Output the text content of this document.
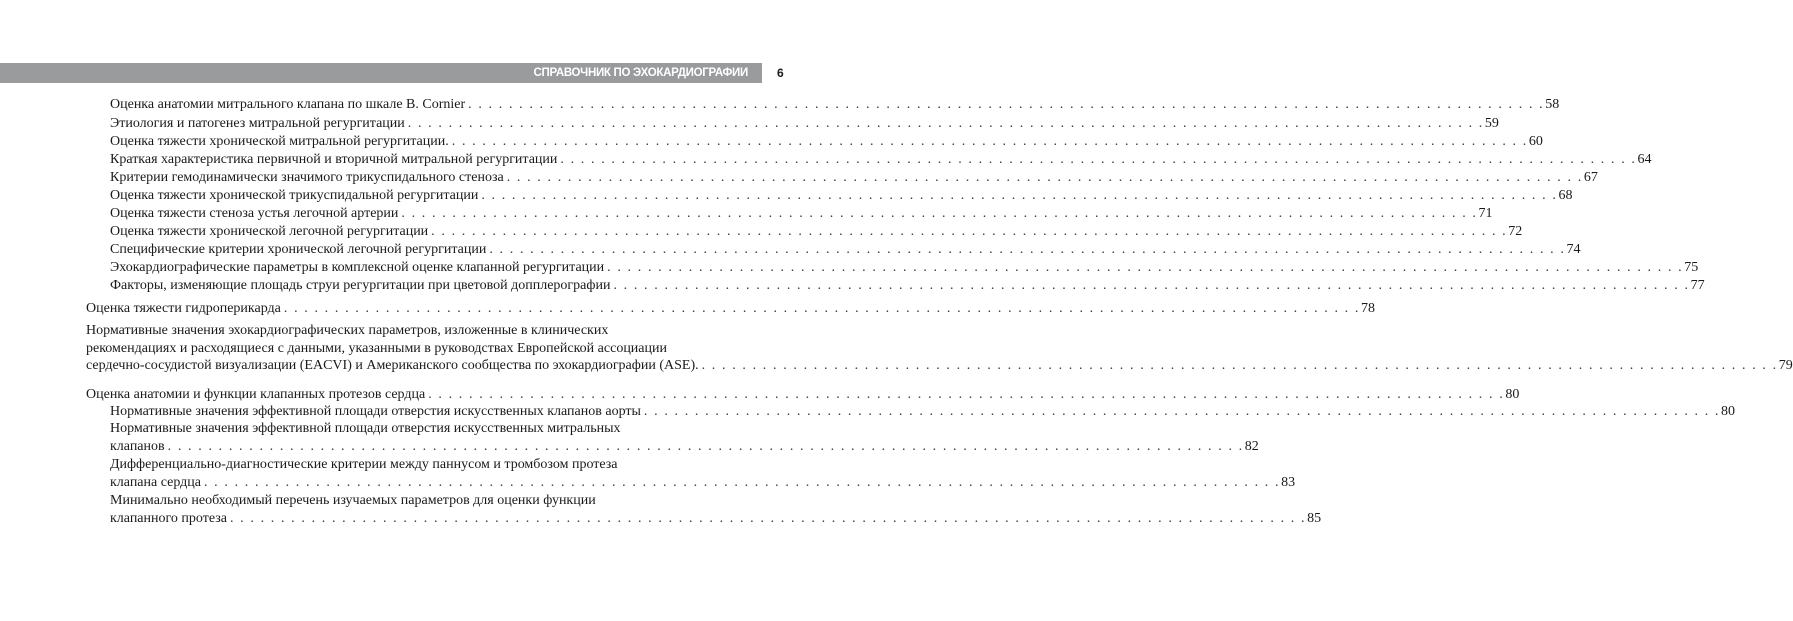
СПРАВОЧНИК ПО ЭХОКАРДИОГРАФИИ 6
Оценка анатомии митрального клапана по шкале В. Cornier . . . . . . . . . . . . . . . . . . . . . . . . . . . . . . . . . . . . . . . . . . . . . . . . . . . . . . . . . . . . . . . . . . . . . . . . . . . . . . . . . . . . . . . . . . . . . . . . . . . . . . . . . . 58
Этиология и патогенез митральной регургитации . . . . . . . . . . . . . . . . . . . . . . . . . . . . . . . . . . . . . . . . . . . . . . . . . . . . . . . . . . . . . . . . . . . . . . . . . . . . . . . . . . . . . . . . . . . . . . . . . . . . . . . . . . 59
Оценка тяжести хронической митральной регургитации. . . . . . . . . . . . . . . . . . . . . . . . . . . . . . . . . . . . . . . . . . . . . . . . . . . . . . . . . . . . . . . . . . . . . . . . . . . . . . . . . . . . . . . . . . . . . . . . . . . . . . . . . . . 60
Краткая характеристика первичной и вторичной митральной регургитации . . . . . . . . . . . . . . . . . . . . . . . . . . . . . . . . . . . . . . . . . . . . . . . . . . . . . . . . . . . . . . . . . . . . . . . . . . . . . . . . . . . . . . . . . . . . . . . . . . . . . . . . . . 64
Критерии гемодинамически значимого трикуспидального стеноза . . . . . . . . . . . . . . . . . . . . . . . . . . . . . . . . . . . . . . . . . . . . . . . . . . . . . . . . . . . . . . . . . . . . . . . . . . . . . . . . . . . . . . . . . . . . . . . . . . . . . . . . . . 67
Оценка тяжести хронической трикуспидальной регургитации . . . . . . . . . . . . . . . . . . . . . . . . . . . . . . . . . . . . . . . . . . . . . . . . . . . . . . . . . . . . . . . . . . . . . . . . . . . . . . . . . . . . . . . . . . . . . . . . . . . . . . . . . . 68
Оценка тяжести стеноза устья легочной артерии . . . . . . . . . . . . . . . . . . . . . . . . . . . . . . . . . . . . . . . . . . . . . . . . . . . . . . . . . . . . . . . . . . . . . . . . . . . . . . . . . . . . . . . . . . . . . . . . . . . . . . . . . . 71
Оценка тяжести хронической легочной регургитации . . . . . . . . . . . . . . . . . . . . . . . . . . . . . . . . . . . . . . . . . . . . . . . . . . . . . . . . . . . . . . . . . . . . . . . . . . . . . . . . . . . . . . . . . . . . . . . . . . . . . . . . . . 72
Специфические критерии хронической легочной регургитации . . . . . . . . . . . . . . . . . . . . . . . . . . . . . . . . . . . . . . . . . . . . . . . . . . . . . . . . . . . . . . . . . . . . . . . . . . . . . . . . . . . . . . . . . . . . . . . . . . . . . . . . . . 74
Эхокардиографические параметры в комплексной оценке клапанной регургитации . . . . . . . . . . . . . . . . . . . . . . . . . . . . . . . . . . . . . . . . . . . . . . . . . . . . . . . . . . . . . . . . . . . . . . . . . . . . . . . . . . . . . . . . . . . . . . . . . . . . . . . . . . 75
Факторы, изменяющие площадь струи регургитации при цветовой допплерографии . . . . . . . . . . . . . . . . . . . . . . . . . . . . . . . . . . . . . . . . . . . . . . . . . . . . . . . . . . . . . . . . . . . . . . . . . . . . . . . . . . . . . . . . . . . . . . . . . . . . . . . . . . 77
Оценка тяжести гидроперикарда . . . . . . . . . . . . . . . . . . . . . . . . . . . . . . . . . . . . . . . . . . . . . . . . . . . . . . . . . . . . . . . . . . . . . . . . . . . . . . . . . . . . . . . . . . . . . . . . . . . . . . . . . . 78
Нормативные значения эхокардиографических параметров, изложенные в клинических
рекомендациях и расходящиеся с данными, указанными в руководствах Европейской ассоциации
сердечно-сосудистой визуализации (EACVI) и Американского сообщества по эхокардиографии (ASE). . . . . . . . . . . . . . . . . . . . . . . . . . . . . . . . . . . . . . . . . . . . . . . . . . . . . . . . . . . . . . . . . . . . . . . . . . . . . . . . . . . . . . . . . . . . . . . . . . . . . . . . . . . 79
Оценка анатомии и функции клапанных протезов сердца . . . . . . . . . . . . . . . . . . . . . . . . . . . . . . . . . . . . . . . . . . . . . . . . . . . . . . . . . . . . . . . . . . . . . . . . . . . . . . . . . . . . . . . . . . . . . . . . . . . . . . . . . . 80
Нормативные значения эффективной площади отверстия искусственных клапанов аорты . . . . . . . . . . . . . . . . . . . . . . . . . . . . . . . . . . . . . . . . . . . . . . . . . . . . . . . . . . . . . . . . . . . . . . . . . . . . . . . . . . . . . . . . . . . . . . . . . . . . . . . . . . 80
Нормативные значения эффективной площади отверстия искусственных митральных
клапанов . . . . . . . . . . . . . . . . . . . . . . . . . . . . . . . . . . . . . . . . . . . . . . . . . . . . . . . . . . . . . . . . . . . . . . . . . . . . . . . . . . . . . . . . . . . . . . . . . . . . . . . . . . 82
Дифференциально-диагностические критерии между паннусом и тромбозом протеза
клапана сердца . . . . . . . . . . . . . . . . . . . . . . . . . . . . . . . . . . . . . . . . . . . . . . . . . . . . . . . . . . . . . . . . . . . . . . . . . . . . . . . . . . . . . . . . . . . . . . . . . . . . . . . . . . 83
Минимально необходимый перечень изучаемых параметров для оценки функции
клапанного протеза . . . . . . . . . . . . . . . . . . . . . . . . . . . . . . . . . . . . . . . . . . . . . . . . . . . . . . . . . . . . . . . . . . . . . . . . . . . . . . . . . . . . . . . . . . . . . . . . . . . . . . . . . . 85
